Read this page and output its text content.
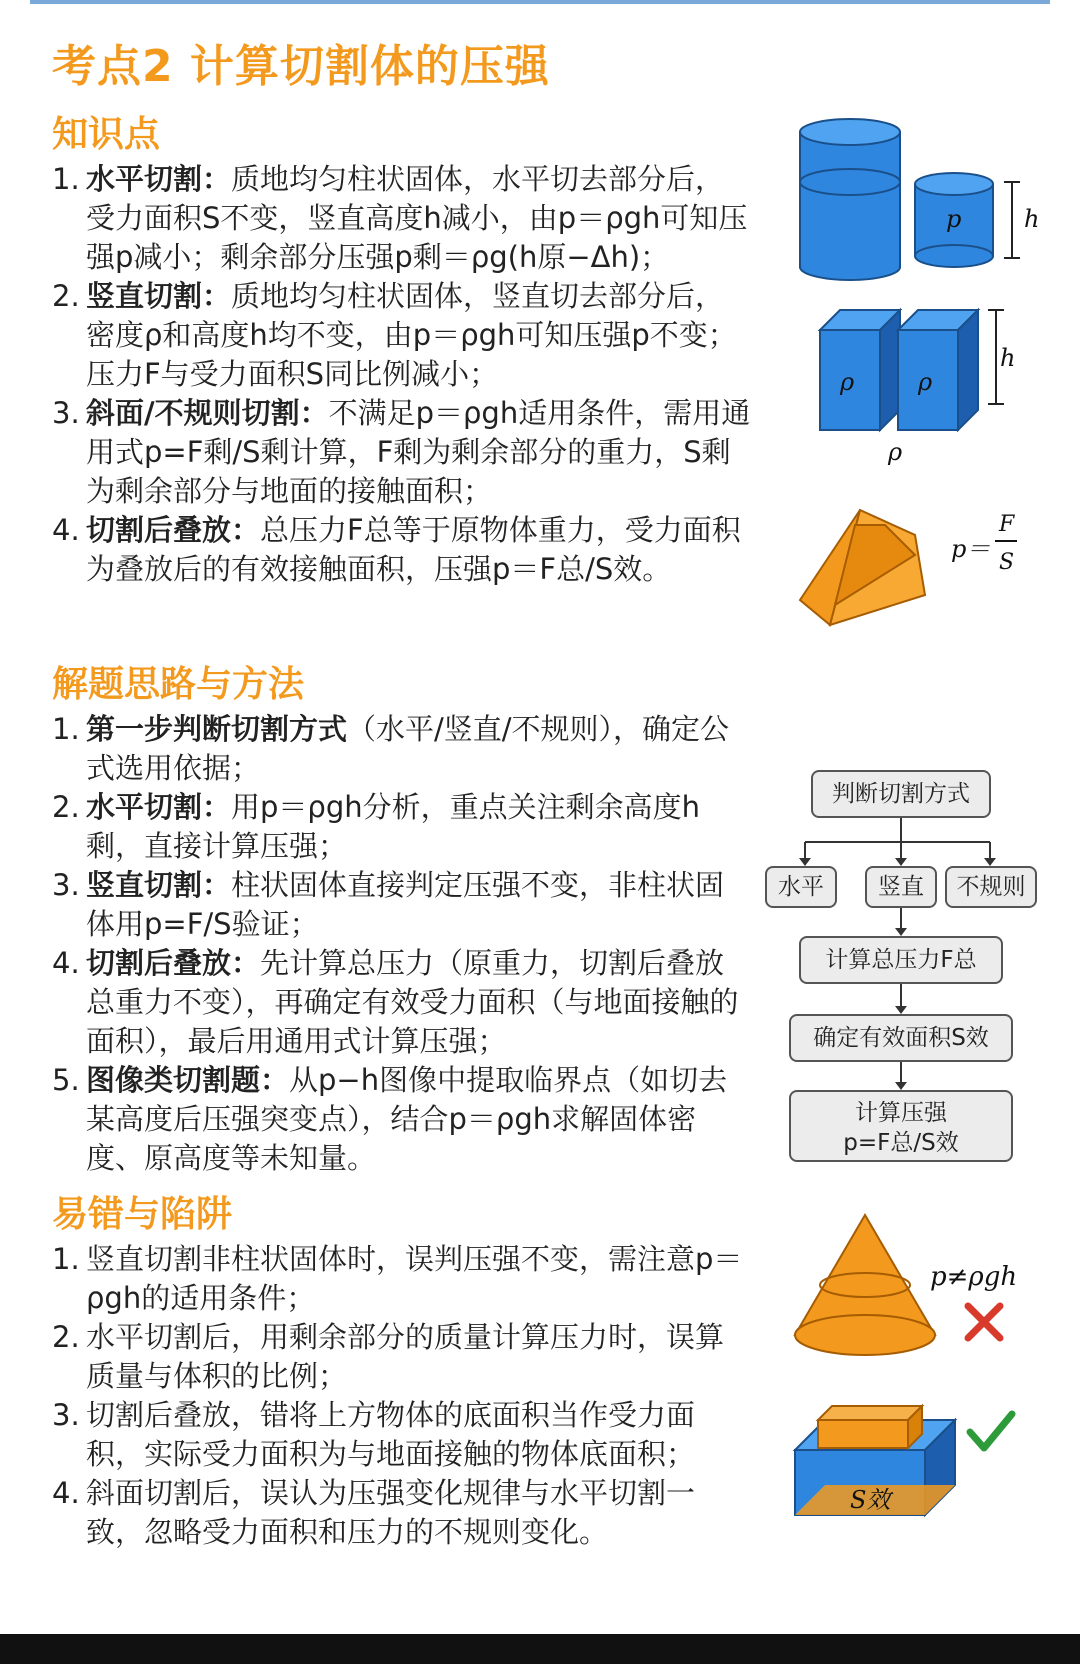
考点2 计算切割体的压强
知识点
1. 水平切割：质地均匀柱状固体，水平切去部分后，受力面积S不变，竖直高度h减小，由p＝ρgh可知压强p减小；剩余部分压强p剩＝ρg(h原−Δh)；
2. 竖直切割：质地均匀柱状固体，竖直切去部分后，密度ρ和高度h均不变，由p＝ρgh可知压强p不变；压力F与受力面积S同比例减小；
3. 斜面/不规则切割：不满足p＝ρgh适用条件，需用通用式p=F剩/S剩计算，F剩为剩余部分的重力，S剩为剩余部分与地面的接触面积；
4. 切割后叠放：总压力F总等于原物体重力，受力面积为叠放后的有效接触面积，压强p＝F总/S效。
解题思路与方法
1. 第一步判断切割方式（水平/竖直/不规则），确定公式选用依据；
2. 水平切割：用p＝ρgh分析，重点关注剩余高度h剩，直接计算压强；
3. 竖直切割：柱状固体直接判定压强不变，非柱状固体用p=F/S验证；
4. 切割后叠放：先计算总压力（原重力，切割后叠放总重力不变），再确定有效受力面积（与地面接触的面积），最后用通用式计算压强；
5. 图像类切割题：从p−h图像中提取临界点（如切去某高度后压强突变点），结合p＝ρgh求解固体密度、原高度等未知量。
易错与陷阱
1. 竖直切割非柱状固体时，误判压强不变，需注意p＝ρgh的适用条件；
2. 水平切割后，用剩余部分的质量计算压力时，误算质量与体积的比例；
3. 切割后叠放，错将上方物体的底面积当作受力面积，实际受力面积为与地面接触的物体底面积；
4. 斜面切割后，误认为压强变化规律与水平切割一致，忽略受力面积和压力的不规则变化。
p	h
ρ	ρ
h
ρ
p＝
F
S
判断切割方式
水平	竖直	不规则
计算总压力F总
确定有效面积S效
计算压强
p=F总/S效
p≠ρgh
S效
